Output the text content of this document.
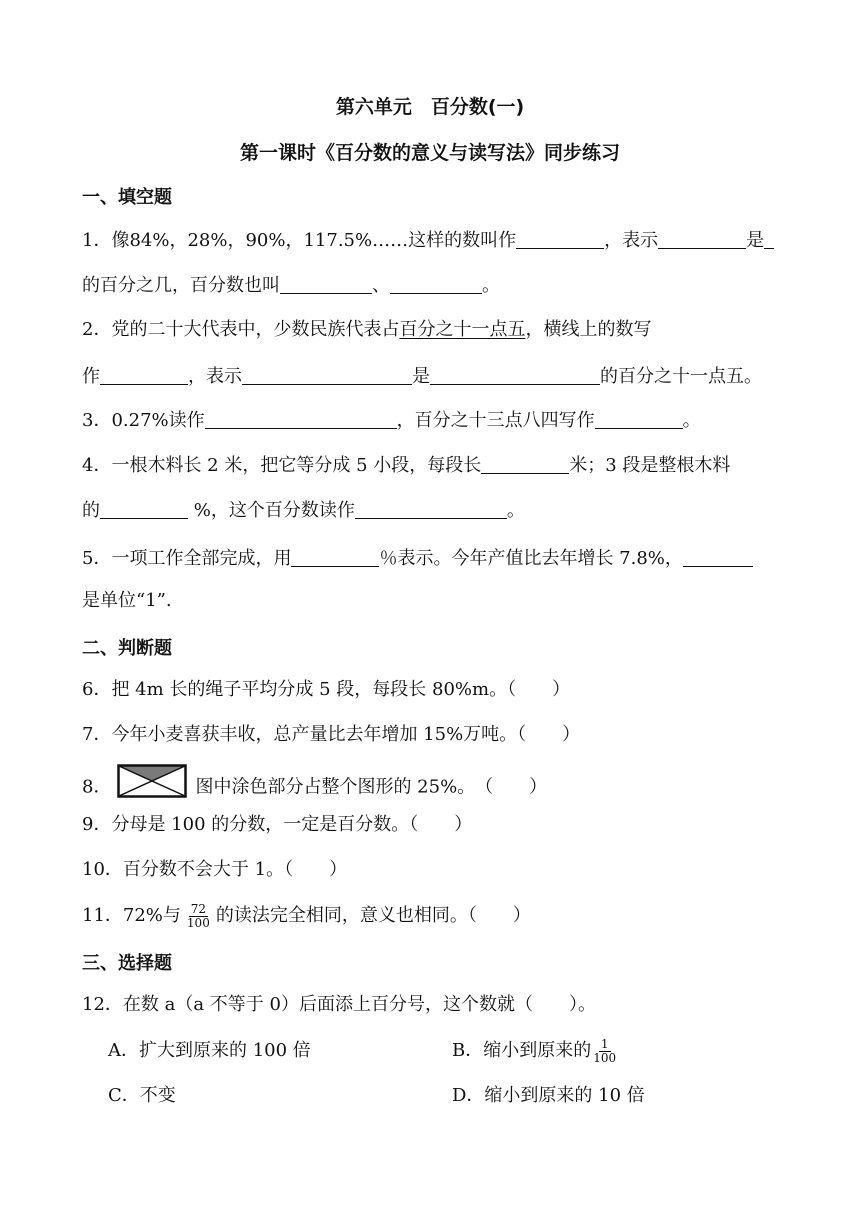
第六单元　百分数(一)
第一课时《百分数的意义与读写法》同步练习
一、填空题
1．像84%，28%，90%，117.5%……这样的数叫作	，表示	是
的百分之几，百分数也叫	、	。
2．党的二十大代表中，少数民族代表占百分之十一点五，横线上的数写
作	，表示	是	的百分之十一点五。
3．0.27%读作	，百分之十三点八四写作	。
4．一根木料长 2 米，把它等分成 5 小段，每段长	米；3 段是整根木料
的	%，这个百分数读作	。
5．一项工作全部完成，用	％表示。今年产值比去年增长 7.8%，
是单位“1”.
二、判断题
6．把 4m 长的绳子平均分成 5 段，每段长 80%m。（　　）
7．今年小麦喜获丰收，总产量比去年增加 15%万吨。（　　）
8．	图中涂色部分占整个图形的 25%。　（　　）
9．分母是 100 的分数，一定是百分数。（　　）
10．百分数不会大于 1。（　　）
11．72%与 $\frac{72}{100}$ 的读法完全相同，意义也相同。（　　）
三、选择题
12．在数 a（a 不等于 0）后面添上百分号，这个数就（　　）。
A．扩大到原来的 100 倍	B．缩小到原来的 $\frac{1}{100}$
C．不变	D．缩小到原来的 10 倍
